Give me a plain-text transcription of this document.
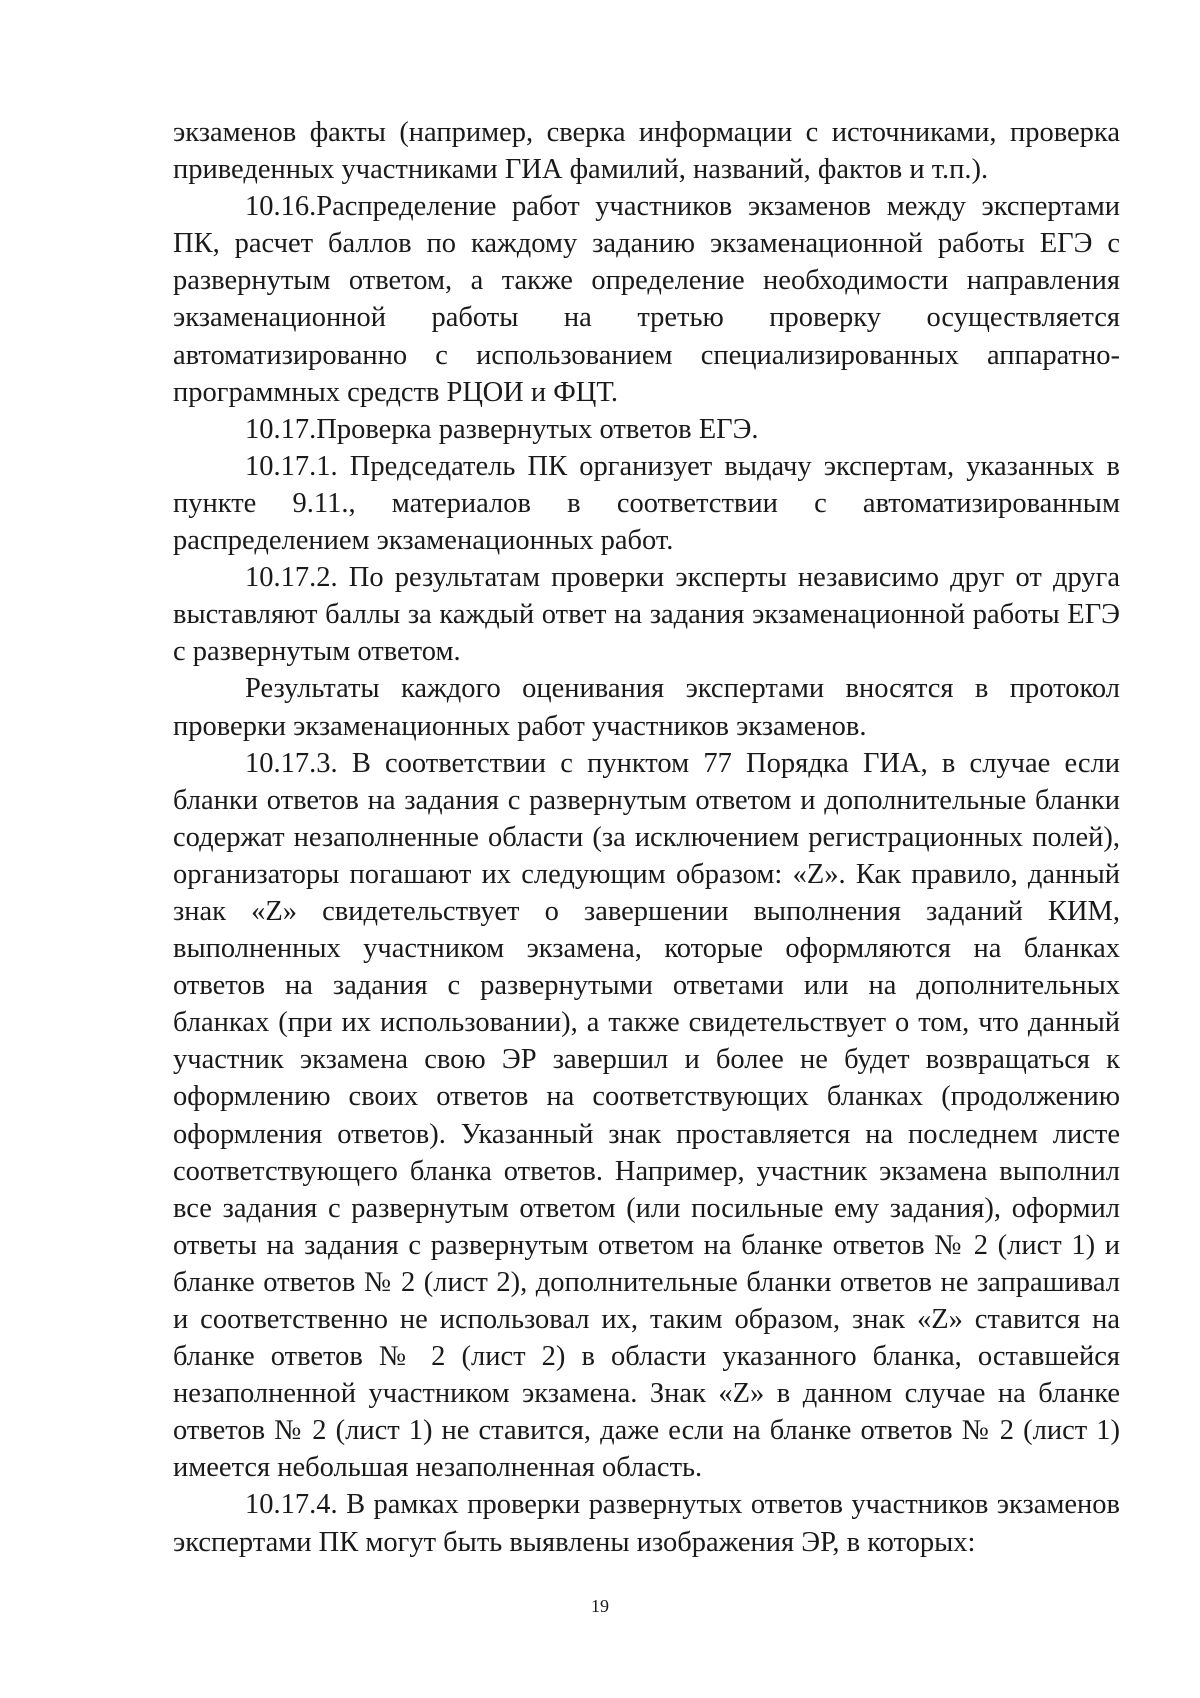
экзаменов факты (например, сверка информации с источниками, проверка приведенных участниками ГИА фамилий, названий, фактов и т.п.).

10.16.Распределение работ участников экзаменов между экспертами ПК, расчет баллов по каждому заданию экзаменационной работы ЕГЭ с развернутым ответом, а также определение необходимости направления экзаменационной работы на третью проверку осуществляется автоматизированно с использованием специализированных аппаратно-программных средств РЦОИ и ФЦТ.

10.17.Проверка развернутых ответов ЕГЭ.

10.17.1. Председатель ПК организует выдачу экспертам, указанных в пункте 9.11., материалов в соответствии с автоматизированным распределением экзаменационных работ.

10.17.2. По результатам проверки эксперты независимо друг от друга выставляют баллы за каждый ответ на задания экзаменационной работы ЕГЭ с развернутым ответом.

Результаты каждого оценивания экспертами вносятся в протокол проверки экзаменационных работ участников экзаменов.

10.17.3. В соответствии с пунктом 77 Порядка ГИА, в случае если бланки ответов на задания с развернутым ответом и дополнительные бланки содержат незаполненные области (за исключением регистрационных полей), организаторы погашают их следующим образом: «Z». Как правило, данный знак «Z» свидетельствует о завершении выполнения заданий КИМ, выполненных участником экзамена, которые оформляются на бланках ответов на задания с развернутыми ответами или на дополнительных бланках (при их использовании), а также свидетельствует о том, что данный участник экзамена свою ЭР завершил и более не будет возвращаться к оформлению своих ответов на соответствующих бланках (продолжению оформления ответов). Указанный знак проставляется на последнем листе соответствующего бланка ответов. Например, участник экзамена выполнил все задания с развернутым ответом (или посильные ему задания), оформил ответы на задания с развернутым ответом на бланке ответов № 2 (лист 1) и бланке ответов № 2 (лист 2), дополнительные бланки ответов не запрашивал и соответственно не использовал их, таким образом, знак «Z» ставится на бланке ответов № 2 (лист 2) в области указанного бланка, оставшейся незаполненной участником экзамена. Знак «Z» в данном случае на бланке ответов № 2 (лист 1) не ставится, даже если на бланке ответов № 2 (лист 1) имеется небольшая незаполненная область.

10.17.4. В рамках проверки развернутых ответов участников экзаменов экспертами ПК могут быть выявлены изображения ЭР, в которых:

19
